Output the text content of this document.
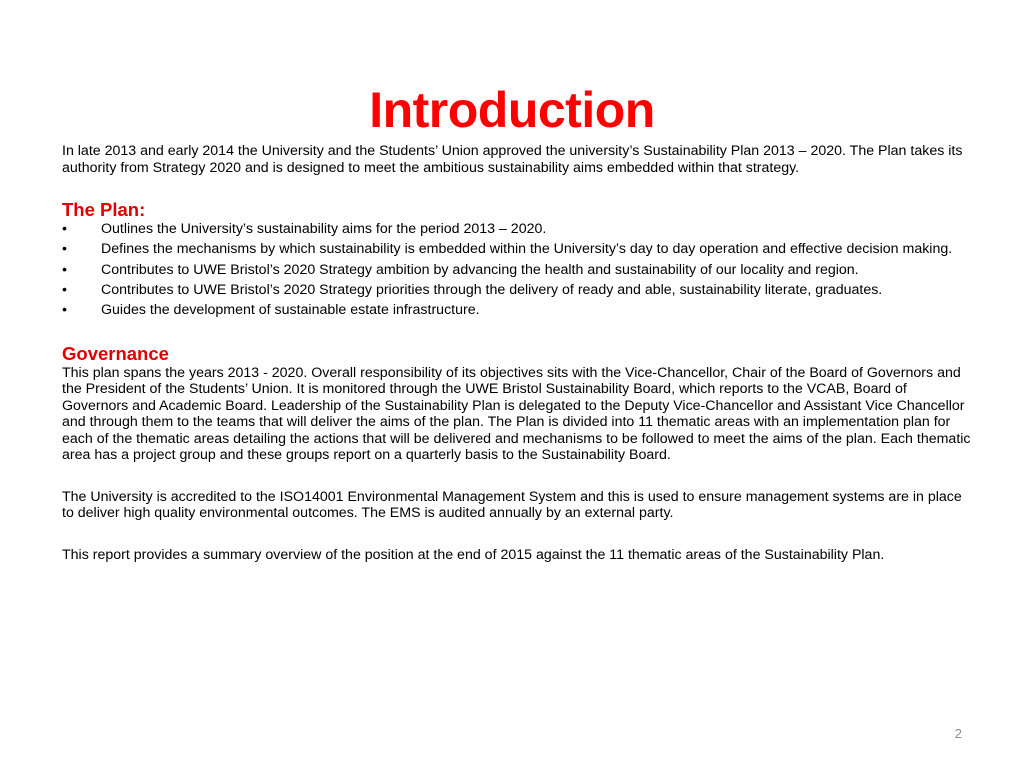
Introduction

In late 2013 and early 2014 the University and the Students’ Union approved the university’s Sustainability Plan 2013 – 2020. The Plan takes its authority from Strategy 2020 and is designed to meet the ambitious sustainability aims embedded within that strategy.

The Plan:
• Outlines the University’s sustainability aims for the period 2013 – 2020.
• Defines the mechanisms by which sustainability is embedded within the University’s day to day operation and effective decision making.
• Contributes to UWE Bristol’s 2020 Strategy ambition by advancing the health and sustainability of our locality and region.
• Contributes to UWE Bristol’s 2020 Strategy priorities through the delivery of ready and able, sustainability literate, graduates.
• Guides the development of sustainable estate infrastructure.
Governance

This plan spans the years 2013 - 2020. Overall responsibility of its objectives sits with the Vice-Chancellor, Chair of the Board of Governors and the President of the Students’ Union. It is monitored through the UWE Bristol Sustainability Board, which reports to the VCAB, Board of Governors and Academic Board. Leadership of the Sustainability Plan is delegated to the Deputy Vice-Chancellor and Assistant Vice Chancellor and through them to the teams that will deliver the aims of the plan. The Plan is divided into 11 thematic areas with an implementation plan for each of the thematic areas detailing the actions that will be delivered and mechanisms to be followed to meet the aims of the plan. Each thematic area has a project group and these groups report on a quarterly basis to the Sustainability Board.

The University is accredited to the ISO14001 Environmental Management System and this is used to ensure management systems are in place to deliver high quality environmental outcomes. The EMS is audited annually by an external party.

This report provides a summary overview of the position at the end of 2015 against the 11 thematic areas of the Sustainability Plan.

2
